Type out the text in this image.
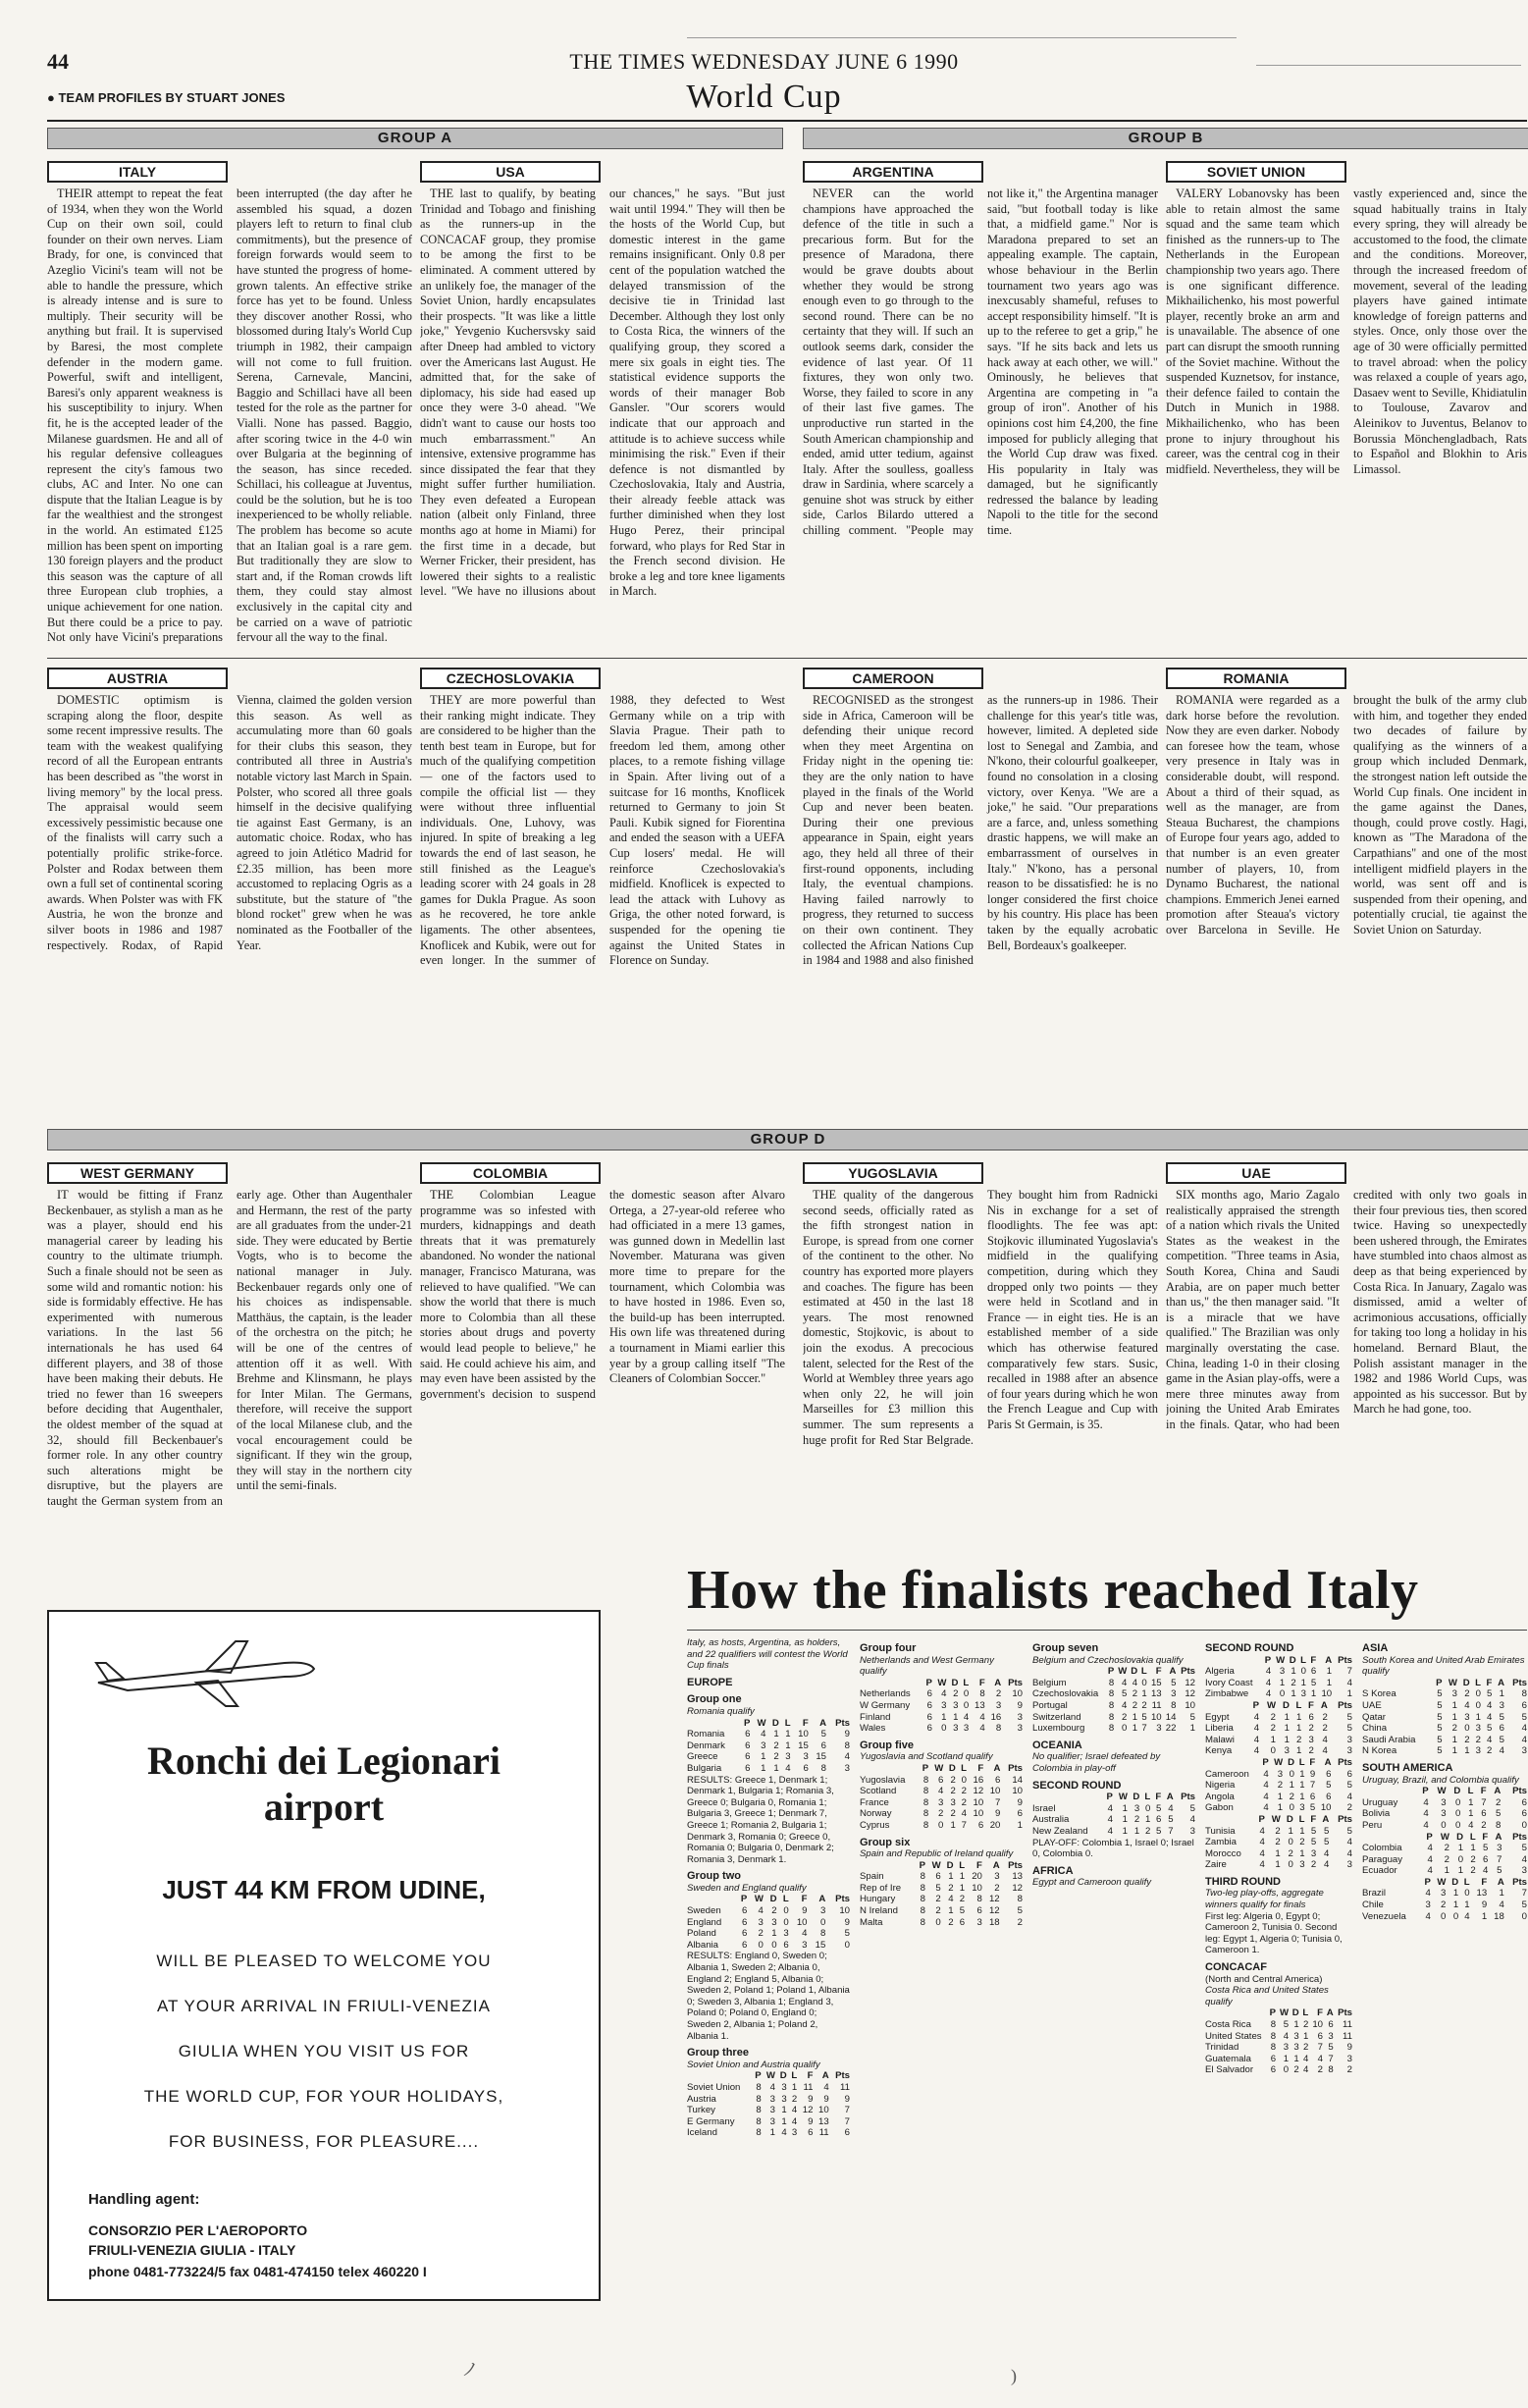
44	THE TIMES WEDNESDAY JUNE 6 1990
● TEAM PROFILES BY STUART JONES	World Cup
GROUP A	GROUP B
ITALY	USA	ARGENTINA	SOVIET UNION

THEIR attempt to repeat the feat of 1934, when they won the World Cup on their own soil, could founder on their own nerves. Liam Brady, for one, is convinced that Azeglio Vicini's team will not be able to handle the pressure, which is already intense and is sure to multiply. Their security will be anything but frail. It is supervised by Baresi, the most complete defender in the modern game. Powerful, swift and intelligent, Baresi's only apparent weakness is his susceptibility to injury. When fit, he is the accepted leader of the Milanese guardsmen. He and all of his regular defensive colleagues represent the city's famous two clubs, AC and Inter. No one can dispute that the Italian League is by far the wealthiest and the strongest in the world. An estimated £125 million has been spent on importing 130 foreign players and the product this season was the capture of all three European club trophies, a unique achievement for one nation. But there could be a price to pay. Not only have Vicini's preparations been interrupted (the day after he assembled his squad, a dozen players left to return to final club commitments), but the presence of foreign forwards would seem to have stunted the progress of home-grown talents. An effective strike force has yet to be found. Unless they discover another Rossi, who blossomed during Italy's World Cup triumph in 1982, their campaign will not come to full fruition. Serena, Carnevale, Mancini, Baggio and Schillaci have all been tested for the role as the partner for Vialli. None has passed. Baggio, after scoring twice in the 4-0 win over Bulgaria at the beginning of the season, has since receded. Schillaci, his colleague at Juventus, could be the solution, but he is too inexperienced to be wholly reliable. The problem has become so acute that an Italian goal is a rare gem. But traditionally they are slow to start and, if the Roman crowds lift them, they could stay almost exclusively in the capital city and be carried on a wave of patriotic fervour all the way to the final.

THE last to qualify, by beating Trinidad and Tobago and finishing as the runners-up in the CONCACAF group, they promise to be among the first to be eliminated. A comment uttered by an unlikely foe, the manager of the Soviet Union, hardly encapsulates their prospects. "It was like a little joke," Yevgenio Kuchersvsky said after Dneep had ambled to victory over the Americans last August. He admitted that, for the sake of diplomacy, his side had eased up once they were 3-0 ahead. "We didn't want to cause our hosts too much embarrassment." An intensive, extensive programme has since dissipated the fear that they might suffer further humiliation. They even defeated a European nation (albeit only Finland, three months ago at home in Miami) for the first time in a decade, but Werner Fricker, their president, has lowered their sights to a realistic level. "We have no illusions about our chances," he says. "But just wait until 1994." They will then be the hosts of the World Cup, but domestic interest in the game remains insignificant. Only 0.8 per cent of the population watched the delayed transmission of the decisive tie in Trinidad last December. Although they lost only to Costa Rica, the winners of the qualifying group, they scored a mere six goals in eight ties. The statistical evidence supports the words of their manager Bob Gansler. "Our scorers would indicate that our approach and attitude is to achieve success while minimising the risk." Even if their defence is not dismantled by Czechoslovakia, Italy and Austria, their already feeble attack was further diminished when they lost Hugo Perez, their principal forward, who plays for Red Star in the French second division. He broke a leg and tore knee ligaments in March.

NEVER can the world champions have approached the defence of the title in such a precarious form. But for the presence of Maradona, there would be grave doubts about whether they would be strong enough even to go through to the second round. There can be no certainty that they will. If such an outlook seems dark, consider the evidence of last year. Of 11 fixtures, they won only two. Worse, they failed to score in any of their last five games. The unproductive run started in the South American championship and ended, amid utter tedium, against Italy. After the soulless, goalless draw in Sardinia, where scarcely a genuine shot was struck by either side, Carlos Bilardo uttered a chilling comment. "People may not like it," the Argentina manager said, "but football today is like that, a midfield game." Nor is Maradona prepared to set an appealing example. The captain, whose behaviour in the Berlin tournament two years ago was inexcusably shameful, refuses to accept responsibility himself. "It is up to the referee to get a grip," he says. "If he sits back and lets us hack away at each other, we will." Ominously, he believes that Argentina are competing in "a group of iron". Another of his opinions cost him £4,200, the fine imposed for publicly alleging that the World Cup draw was fixed. His popularity in Italy was damaged, but he significantly redressed the balance by leading Napoli to the title for the second time.

VALERY Lobanovsky has been able to retain almost the same squad and the same team which finished as the runners-up to The Netherlands in the European championship two years ago. There is one significant difference. Mikhailichenko, his most powerful player, recently broke an arm and is unavailable. The absence of one part can disrupt the smooth running of the Soviet machine. Without the suspended Kuznetsov, for instance, their defence failed to contain the Dutch in Munich in 1988. Mikhailichenko, who has been prone to injury throughout his career, was the central cog in their midfield. Nevertheless, they will be vastly experienced and, since the squad habitually trains in Italy every spring, they will already be accustomed to the food, the climate and the conditions. Moreover, through the increased freedom of movement, several of the leading players have gained intimate knowledge of foreign patterns and styles. Once, only those over the age of 30 were officially permitted to travel abroad: when the policy was relaxed a couple of years ago, Dasaev went to Seville, Khidiatulin to Toulouse, Zavarov and Aleinikov to Juventus, Belanov to Borussia Mönchengladbach, Rats to Español and Blokhin to Aris Limassol.

AUSTRIA	CZECHOSLOVAKIA	CAMEROON	ROMANIA

DOMESTIC optimism is scraping along the floor, despite some recent impressive results. The team with the weakest qualifying record of all the European entrants has been described as "the worst in living memory" by the local press. The appraisal would seem excessively pessimistic because one of the finalists will carry such a potentially prolific strike-force. Polster and Rodax between them own a full set of continental scoring awards. When Polster was with FK Austria, he won the bronze and silver boots in 1986 and 1987 respectively. Rodax, of Rapid Vienna, claimed the golden version this season. As well as accumulating more than 60 goals for their clubs this season, they contributed all three in Austria's notable victory last March in Spain. Polster, who scored all three goals himself in the decisive qualifying tie against East Germany, is an automatic choice. Rodax, who has agreed to join Atlético Madrid for £2.35 million, has been more accustomed to replacing Ogris as a substitute, but the stature of "the blond rocket" grew when he was nominated as the Footballer of the Year.

THEY are more powerful than their ranking might indicate. They are considered to be higher than the tenth best team in Europe, but for much of the qualifying competition — one of the factors used to compile the official list — they were without three influential individuals. One, Luhovy, was injured. In spite of breaking a leg towards the end of last season, he still finished as the League's leading scorer with 24 goals in 28 games for Dukla Prague. As soon as he recovered, he tore ankle ligaments. The other absentees, Knoflicek and Kubik, were out for even longer. In the summer of 1988, they defected to West Germany while on a trip with Slavia Prague. Their path to freedom led them, among other places, to a remote fishing village in Spain. After living out of a suitcase for 16 months, Knoflicek returned to Germany to join St Pauli. Kubik signed for Fiorentina and ended the season with a UEFA Cup losers' medal. He will reinforce Czechoslovakia's midfield. Knoflicek is expected to lead the attack with Luhovy as Griga, the other noted forward, is suspended for the opening tie against the United States in Florence on Sunday.

RECOGNISED as the strongest side in Africa, Cameroon will be defending their unique record when they meet Argentina on Friday night in the opening tie: they are the only nation to have played in the finals of the World Cup and never been beaten. During their one previous appearance in Spain, eight years ago, they held all three of their first-round opponents, including Italy, the eventual champions. Having failed narrowly to progress, they returned to success on their own continent. They collected the African Nations Cup in 1984 and 1988 and also finished as the runners-up in 1986. Their challenge for this year's title was, however, limited. A depleted side lost to Senegal and Zambia, and N'kono, their colourful goalkeeper, found no consolation in a closing victory, over Kenya. "We are a joke," he said. "Our preparations are a farce, and, unless something drastic happens, we will make an embarrassment of ourselves in Italy." N'kono, has a personal reason to be dissatisfied: he is no longer considered the first choice by his country. His place has been taken by the equally acrobatic Bell, Bordeaux's goalkeeper.

ROMANIA were regarded as a dark horse before the revolution. Now they are even darker. Nobody can foresee how the team, whose very presence in Italy was in considerable doubt, will respond. About a third of their squad, as well as the manager, are from Steaua Bucharest, the champions of Europe four years ago, added to that number is an even greater number of players, 10, from Dynamo Bucharest, the national champions. Emmerich Jenei earned promotion after Steaua's victory over Barcelona in Seville. He brought the bulk of the army club with him, and together they ended two decades of failure by qualifying as the winners of a group which included Denmark, the strongest nation left outside the World Cup finals. One incident in the game against the Danes, though, could prove costly. Hagi, known as "The Maradona of the Carpathians" and one of the most intelligent midfield players in the world, was sent off and is suspended from their opening, and potentially crucial, tie against the Soviet Union on Saturday.

GROUP D
WEST GERMANY	COLOMBIA	YUGOSLAVIA	UAE

IT would be fitting if Franz Beckenbauer, as stylish a man as he was a player, should end his managerial career by leading his country to the ultimate triumph. Such a finale should not be seen as some wild and romantic notion: his side is formidably effective. He has experimented with numerous variations. In the last 56 internationals he has used 64 different players, and 38 of those have been making their debuts. He tried no fewer than 16 sweepers before deciding that Augenthaler, the oldest member of the squad at 32, should fill Beckenbauer's former role. In any other country such alterations might be disruptive, but the players are taught the German system from an early age. Other than Augenthaler and Hermann, the rest of the party are all graduates from the under-21 side. They were educated by Bertie Vogts, who is to become the national manager in July. Beckenbauer regards only one of his choices as indispensable. Matthäus, the captain, is the leader of the orchestra on the pitch; he will be one of the centres of attention off it as well. With Brehme and Klinsmann, he plays for Inter Milan. The Germans, therefore, will receive the support of the local Milanese club, and the vocal encouragement could be significant. If they win the group, they will stay in the northern city until the semi-finals.

THE Colombian League programme was so infested with murders, kidnappings and death threats that it was prematurely abandoned. No wonder the national manager, Francisco Maturana, was relieved to have qualified. "We can show the world that there is much more to Colombia than all these stories about drugs and poverty would lead people to believe," he said. He could achieve his aim, and may even have been assisted by the government's decision to suspend the domestic season after Alvaro Ortega, a 27-year-old referee who had officiated in a mere 13 games, was gunned down in Medellin last November. Maturana was given more time to prepare for the tournament, which Colombia was to have hosted in 1986. Even so, the build-up has been interrupted. His own life was threatened during a tournament in Miami earlier this year by a group calling itself "The Cleaners of Colombian Soccer."

THE quality of the dangerous second seeds, officially rated as the fifth strongest nation in Europe, is spread from one corner of the continent to the other. No country has exported more players and coaches. The figure has been estimated at 450 in the last 18 years. The most renowned domestic, Stojkovic, is about to join the exodus. A precocious talent, selected for the Rest of the World at Wembley three years ago when only 22, he will join Marseilles for £3 million this summer. The sum represents a huge profit for Red Star Belgrade. They bought him from Radnicki Nis in exchange for a set of floodlights. The fee was apt: Stojkovic illuminated Yugoslavia's midfield in the qualifying competition, during which they dropped only two points — they were held in Scotland and in France — in eight ties. He is an established member of a side which has otherwise featured comparatively few stars. Susic, recalled in 1988 after an absence of four years during which he won the French League and Cup with Paris St Germain, is 35.

SIX months ago, Mario Zagalo realistically appraised the strength of a nation which rivals the United States as the weakest in the competition. "Three teams in Asia, South Korea, China and Saudi Arabia, are on paper much better than us," the then manager said. "It is a miracle that we have qualified." The Brazilian was only marginally overstating the case. China, leading 1-0 in their closing game in the Asian play-offs, were a mere three minutes away from joining the United Arab Emirates in the finals. Qatar, who had been credited with only two goals in their four previous ties, then scored twice. Having so unexpectedly been ushered through, the Emirates have stumbled into chaos almost as deep as that being experienced by Costa Rica. In January, Zagalo was dismissed, amid a welter of acrimonious accusations, officially for taking too long a holiday in his homeland. Bernard Blaut, the Polish assistant manager in the 1982 and 1986 World Cups, was appointed as his successor. But by March he had gone, too.

How the finalists reached Italy
Ronchi dei Legionari
airport
JUST 44 KM FROM UDINE,
WILL BE PLEASED TO WELCOME YOU
AT YOUR ARRIVAL IN FRIULI-VENEZIA
GIULIA WHEN YOU VISIT US FOR
THE WORLD CUP, FOR YOUR HOLIDAYS,
FOR BUSINESS, FOR PLEASURE....
Handling agent:
CONSORZIO PER L'AEROPORTO
FRIULI-VENEZIA GIULIA - ITALY
phone 0481-773224/5 fax 0481-474150 telex 460220 I
Italy, as hosts, Argentina, as holders, and 22 qualifiers will contest the World Cup finals
EUROPE
Group one
Romania qualify
	P	W	D	L	F	A	Pts
Romania	6	4	1	1	10	5	9
Denmark	6	3	2	1	15	6	8
Greece	6	1	2	3	3	15	4
Bulgaria	6	1	1	4	6	8	3
RESULTS: Greece 1, Denmark 1; Denmark 1, Bulgaria 1; Romania 3, Greece 0; Bulgaria 0, Romania 1; Bulgaria 3, Greece 1; Denmark 7, Greece 1; Romania 2, Bulgaria 1; Denmark 3, Romania 0; Greece 0, Romania 0; Bulgaria 0, Denmark 2; Romania 3, Denmark 1.
Group two
Sweden and England qualify
	P	W	D	L	F	A	Pts
Sweden	6	4	2	0	9	3	10
England	6	3	3	0	10	0	9
Poland	6	2	1	3	4	8	5
Albania	6	0	0	6	3	15	0
RESULTS: England 0, Sweden 0; Albania 1, Sweden 2; Albania 0, England 2; England 5, Albania 0; Sweden 2, Poland 1; Poland 1, Albania 0; Sweden 3, Albania 1; England 3, Poland 0; Poland 0, England 0; Sweden 2, Albania 1; Poland 2, Albania 1.
Group three
Soviet Union and Austria qualify
	P	W	D	L	F	A	Pts
Soviet Union	8	4	3	1	11	4	11
Austria	8	3	3	2	9	9	9
Turkey	8	3	1	4	12	10	7
E Germany	8	3	1	4	9	13	7
Iceland	8	1	4	3	6	11	6
Group four
Netherlands and West Germany qualify
	P	W	D	L	F	A	Pts
Netherlands	6	4	2	0	8	2	10
W Germany	6	3	3	0	13	3	9
Finland	6	1	1	4	4	16	3
Wales	6	0	3	3	4	8	3
Group five
Yugoslavia and Scotland qualify
	P	W	D	L	F	A	Pts
Yugoslavia	8	6	2	0	16	6	14
Scotland	8	4	2	2	12	10	10
France	8	3	3	2	10	7	9
Norway	8	2	2	4	10	9	6
Cyprus	8	0	1	7	6	20	1
Group six
Spain and Republic of Ireland qualify
	P	W	D	L	F	A	Pts
Spain	8	6	1	1	20	3	13
Rep of Ire	8	5	2	1	10	2	12
Hungary	8	2	4	2	8	12	8
N Ireland	8	2	1	5	6	12	5
Malta	8	0	2	6	3	18	2
Group seven
Belgium and Czechoslovakia qualify
	P	W	D	L	F	A	Pts
Belgium	8	4	4	0	15	5	12
Czechoslovakia	8	5	2	1	13	3	12
Portugal	8	4	2	2	11	8	10
Switzerland	8	2	1	5	10	14	5
Luxembourg	8	0	1	7	3	22	1
OCEANIA
No qualifier; Israel defeated by Colombia in play-off
SECOND ROUND
	P	W	D	L	F	A	Pts
Israel	4	1	3	0	5	4	5
Australia	4	1	2	1	6	5	4
New Zealand	4	1	1	2	5	7	3
PLAY-OFF: Colombia 1, Israel 0; Israel 0, Colombia 0.
AFRICA
Egypt and Cameroon qualify
SECOND ROUND
	P	W	D	L	F	A	Pts
Algeria	4	3	1	0	6	1	7
Ivory Coast	4	1	2	1	5	1	4
Zimbabwe	4	0	1	3	1	10	1
	P	W	D	L	F	A	Pts
Egypt	4	2	1	1	6	2	5
Liberia	4	2	1	1	2	2	5
Malawi	4	1	1	2	3	4	3
Kenya	4	0	3	1	2	4	3
	P	W	D	L	F	A	Pts
Cameroon	4	3	0	1	9	6	6
Nigeria	4	2	1	1	7	5	5
Angola	4	1	2	1	6	6	4
Gabon	4	1	0	3	5	10	2
	P	W	D	L	F	A	Pts
Tunisia	4	2	1	1	5	5	5
Zambia	4	2	0	2	5	5	4
Morocco	4	1	2	1	3	4	4
Zaire	4	1	0	3	2	4	3
THIRD ROUND
Two-leg play-offs, aggregate winners qualify for finals
First leg: Algeria 0, Egypt 0; Cameroon 2, Tunisia 0. Second leg: Egypt 1, Algeria 0; Tunisia 0, Cameroon 1.
CONCACAF
(North and Central America)
Costa Rica and United States qualify
	P	W	D	L	F	A	Pts
Costa Rica	8	5	1	2	10	6	11
United States	8	4	3	1	6	3	11
Trinidad	8	3	3	2	7	5	9
Guatemala	6	1	1	4	4	7	3
El Salvador	6	0	2	4	2	8	2
ASIA
South Korea and United Arab Emirates qualify
	P	W	D	L	F	A	Pts
S Korea	5	3	2	0	5	1	8
UAE	5	1	4	0	4	3	6
Qatar	5	1	3	1	4	5	5
China	5	2	0	3	5	6	4
Saudi Arabia	5	1	2	2	4	5	4
N Korea	5	1	1	3	2	4	3
SOUTH AMERICA
Uruguay, Brazil, and Colombia qualify
	P	W	D	L	F	A	Pts
Uruguay	4	3	0	1	7	2	6
Bolivia	4	3	0	1	6	5	6
Peru	4	0	0	4	2	8	0
	P	W	D	L	F	A	Pts
Colombia	4	2	1	1	5	3	5
Paraguay	4	2	0	2	6	7	4
Ecuador	4	1	1	2	4	5	3
	P	W	D	L	F	A	Pts
Brazil	4	3	1	0	13	1	7
Chile	3	2	1	1	9	4	5
Venezuela	4	0	0	4	1	18	0
ノ	)
